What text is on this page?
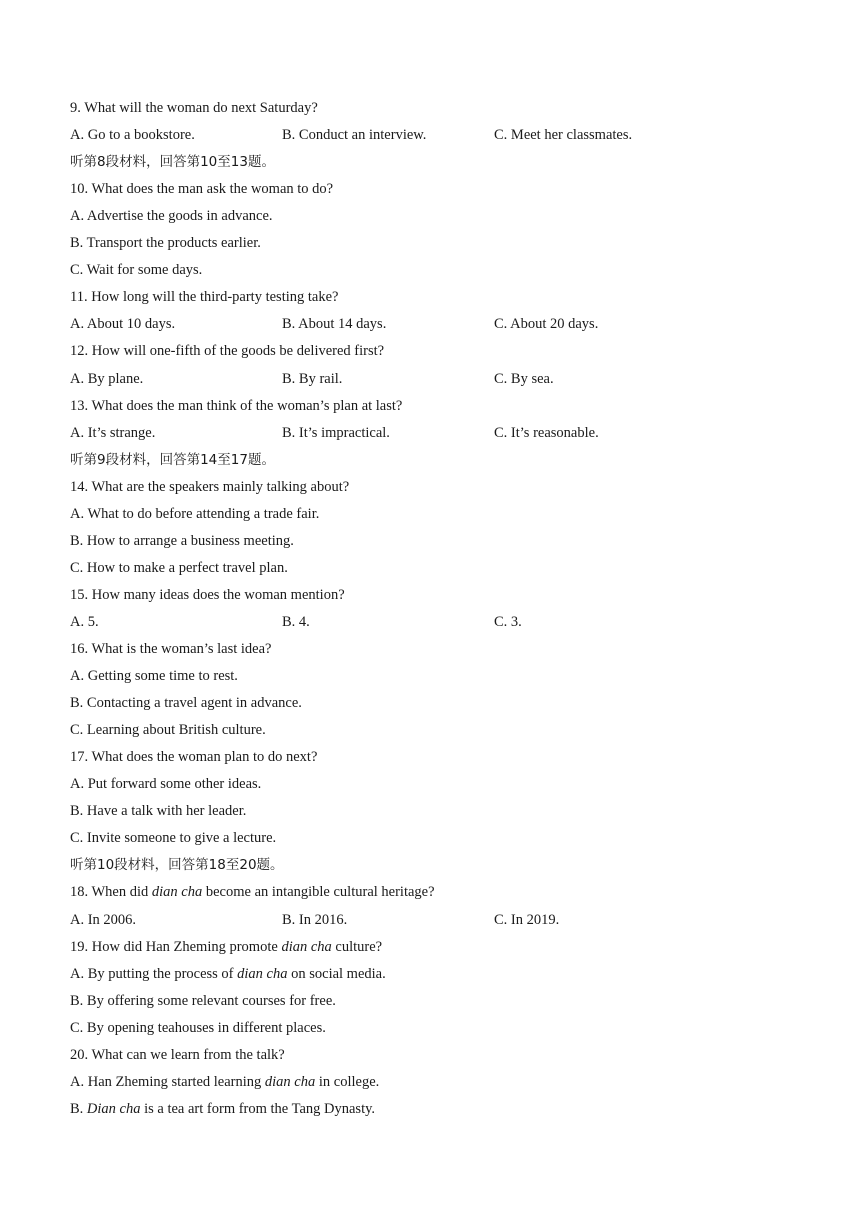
9. What will the woman do next Saturday?
A. Go to a bookstore.	B. Conduct an interview.	C. Meet her classmates.
听第8段材料，回答第10至13题。
10. What does the man ask the woman to do?
A. Advertise the goods in advance.
B. Transport the products earlier.
C. Wait for some days.
11. How long will the third-party testing take?
A. About 10 days.	B. About 14 days.	C. About 20 days.
12. How will one-fifth of the goods be delivered first?
A. By plane.	B. By rail.	C. By sea.
13. What does the man think of the woman’s plan at last?
A. It’s strange.	B. It’s impractical.	C. It’s reasonable.
听第9段材料，回答第14至17题。
14. What are the speakers mainly talking about?
A. What to do before attending a trade fair.
B. How to arrange a business meeting.
C. How to make a perfect travel plan.
15. How many ideas does the woman mention?
A. 5.	B. 4.	C. 3.
16. What is the woman’s last idea?
A. Getting some time to rest.
B. Contacting a travel agent in advance.
C. Learning about British culture.
17. What does the woman plan to do next?
A. Put forward some other ideas.
B. Have a talk with her leader.
C. Invite someone to give a lecture.
听第10段材料，回答第18至20题。
18. When did dian cha become an intangible cultural heritage?
A. In 2006.	B. In 2016.	C. In 2019.
19. How did Han Zheming promote dian cha culture?
A. By putting the process of dian cha on social media.
B. By offering some relevant courses for free.
C. By opening teahouses in different places.
20. What can we learn from the talk?
A. Han Zheming started learning dian cha in college.
B. Dian cha is a tea art form from the Tang Dynasty.
